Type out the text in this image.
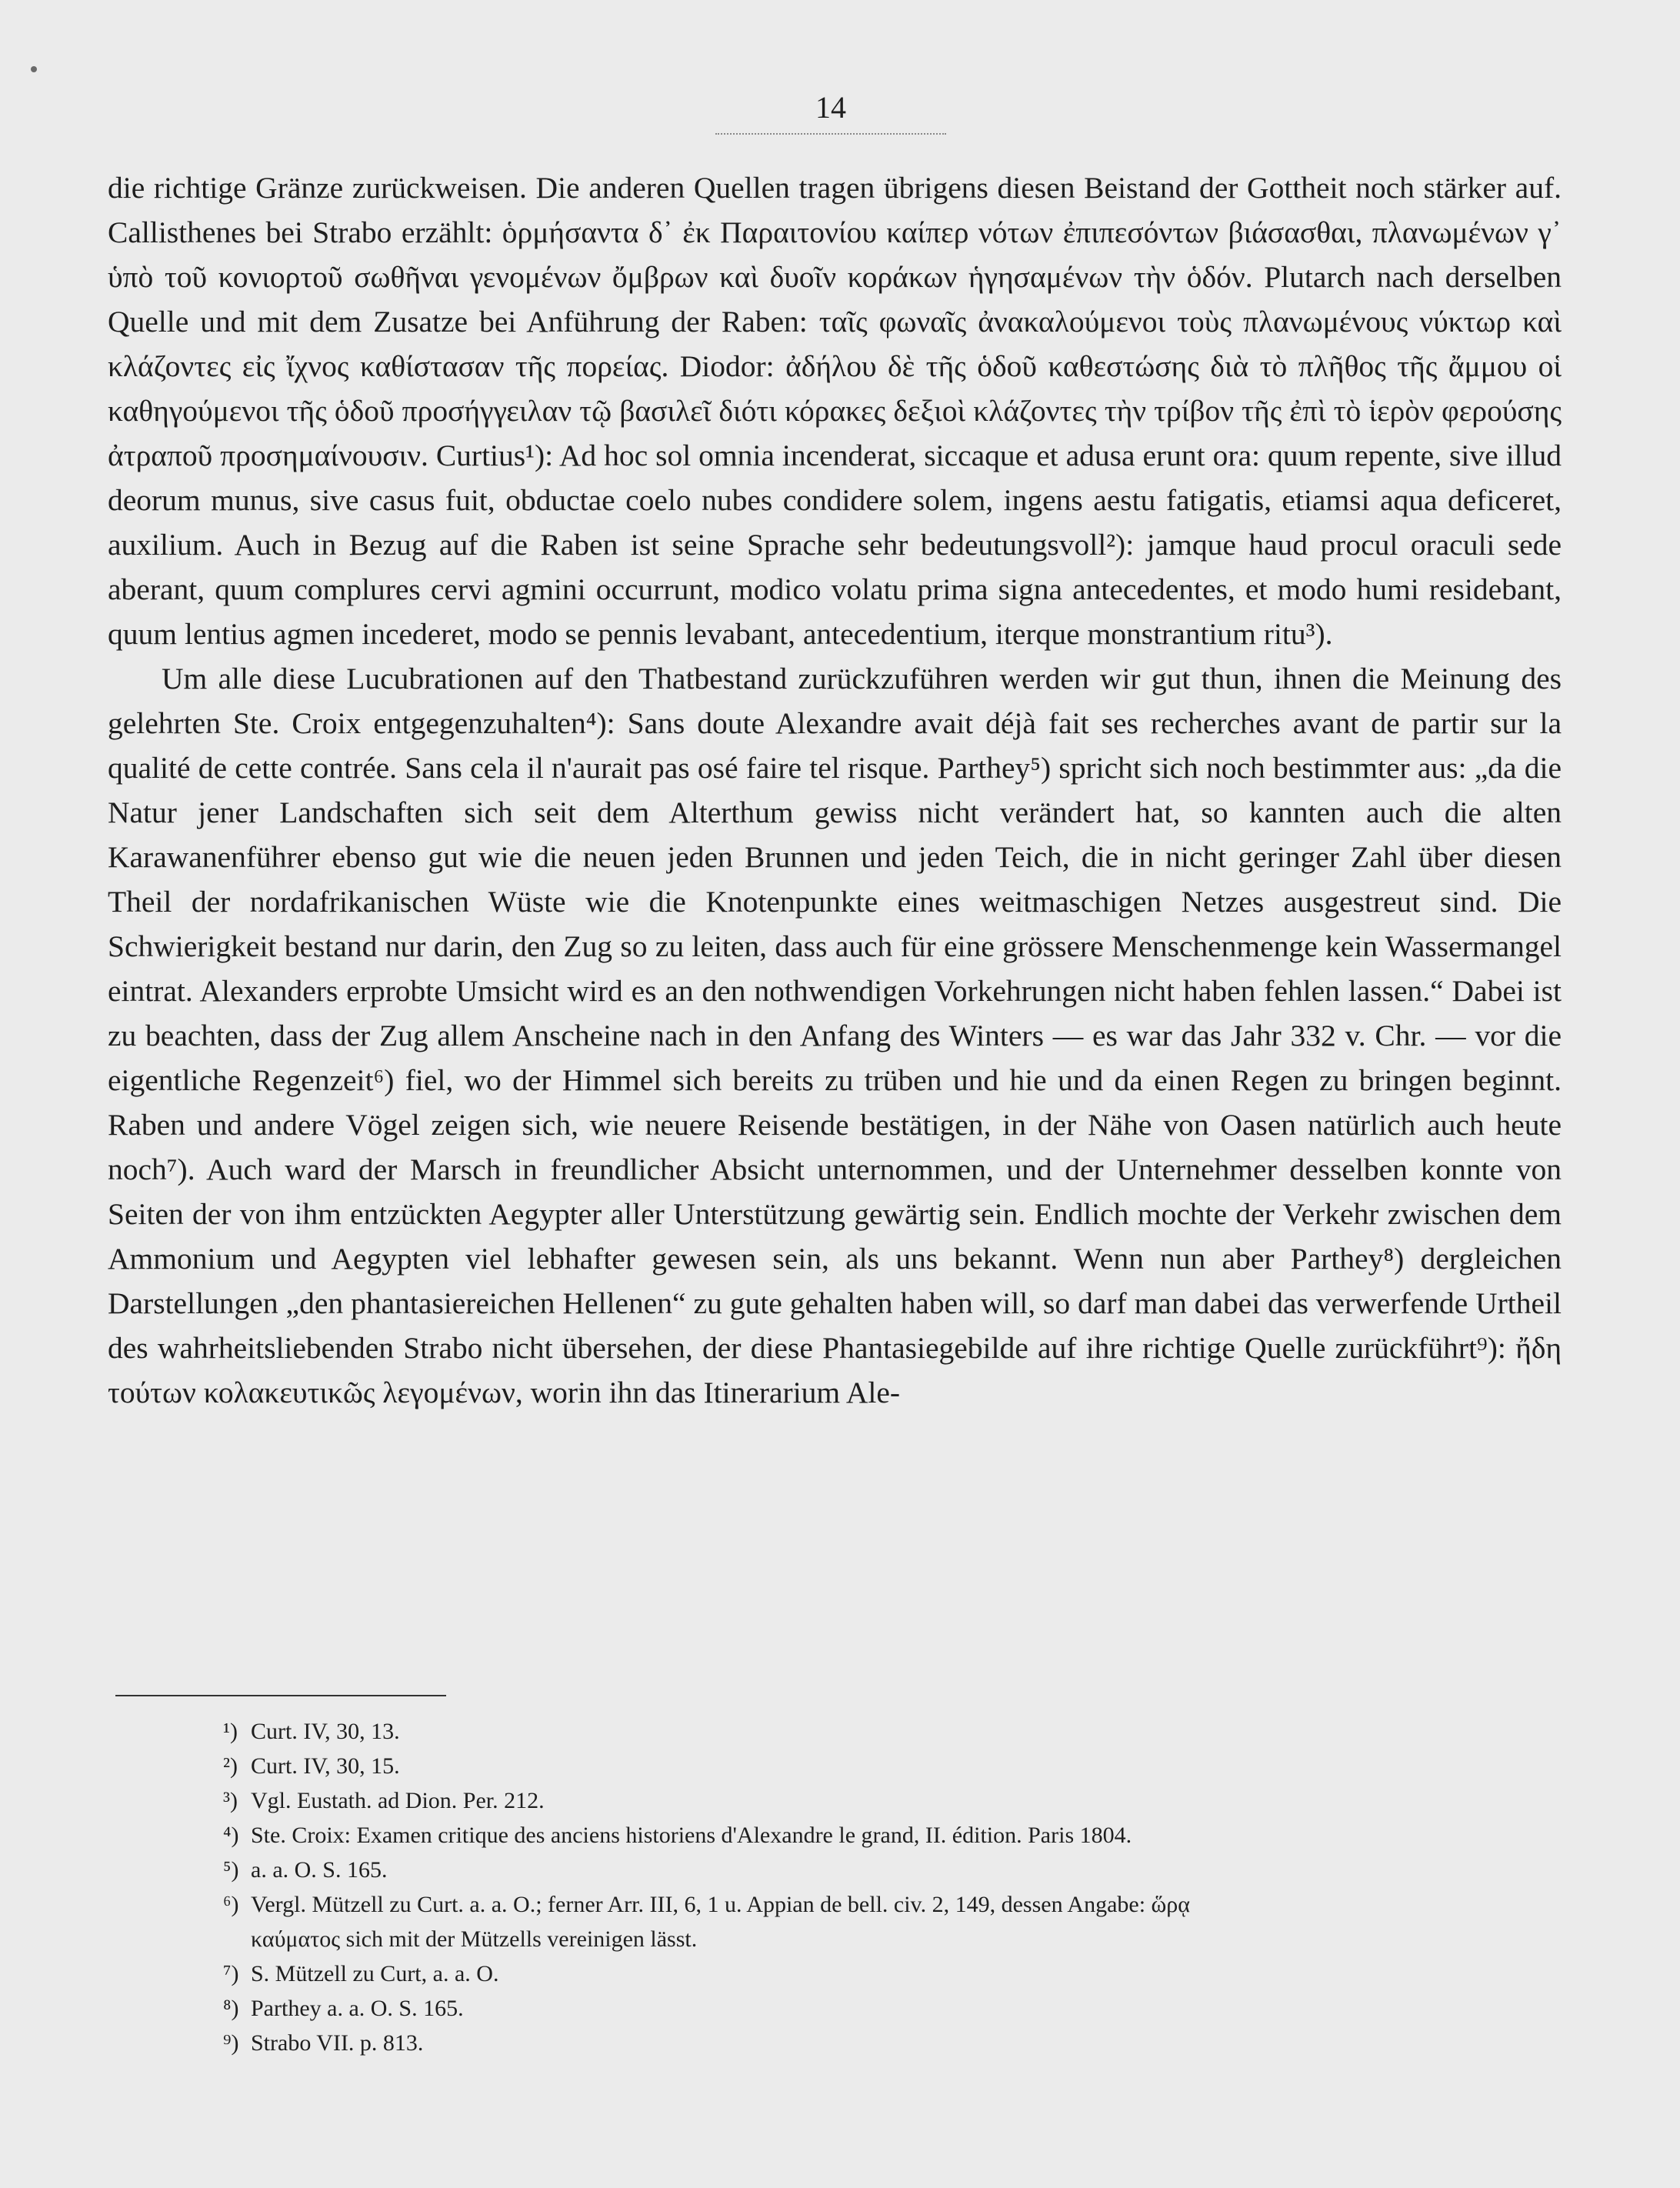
14

die richtige Gränze zurückweisen. Die anderen Quellen tragen übrigens diesen Beistand der Gottheit noch stärker auf. Callisthenes bei Strabo erzählt: ὁρμήσαντα δ᾽ ἐκ Παραιτονίου καίπερ νότων ἐπιπεσόντων βιάσασθαι, πλανωμένων γ᾽ ὑπὸ τοῦ κονιορτοῦ σωθῆναι γενομένων ὄμβρων καὶ δυοῖν κοράκων ἡγησαμένων τὴν ὁδόν. Plutarch nach derselben Quelle und mit dem Zusatze bei Anführung der Raben: ταῖς φωναῖς ἀνακαλούμενοι τοὺς πλανωμένους νύκτωρ καὶ κλάζοντες εἰς ἴχνος καθίστασαν τῆς πορείας. Diodor: ἀδήλου δὲ τῆς ὁδοῦ καθεστώσης διὰ τὸ πλῆθος τῆς ἄμμου οἱ καθηγούμενοι τῆς ὁδοῦ προσήγγειλαν τῷ βασιλεῖ διότι κόρακες δεξιοὶ κλάζοντες τὴν τρίβον τῆς ἐπὶ τὸ ἱερὸν φερούσης ἀτραποῦ προσημαίνουσιν. Curtius¹): Ad hoc sol omnia incenderat, siccaque et adusa erunt ora: quum repente, sive illud deorum munus, sive casus fuit, obductae coelo nubes condidere solem, ingens aestu fatigatis, etiamsi aqua deficeret, auxilium. Auch in Bezug auf die Raben ist seine Sprache sehr bedeutungsvoll²): jamque haud procul oraculi sede aberant, quum complures cervi agmini occurrunt, modico volatu prima signa antecedentes, et modo humi residebant, quum lentius agmen incederet, modo se pennis levabant, antecedentium, iterque monstrantium ritu³).

Um alle diese Lucubrationen auf den Thatbestand zurückzuführen werden wir gut thun, ihnen die Meinung des gelehrten Ste. Croix entgegenzuhalten⁴): Sans doute Alexandre avait déjà fait ses recherches avant de partir sur la qualité de cette contrée. Sans cela il n'aurait pas osé faire tel risque. Parthey⁵) spricht sich noch bestimmter aus: „da die Natur jener Landschaften sich seit dem Alterthum gewiss nicht verändert hat, so kannten auch die alten Karawanenführer ebenso gut wie die neuen jeden Brunnen und jeden Teich, die in nicht geringer Zahl über diesen Theil der nordafrikanischen Wüste wie die Knotenpunkte eines weitmaschigen Netzes ausgestreut sind. Die Schwierigkeit bestand nur darin, den Zug so zu leiten, dass auch für eine grössere Menschenmenge kein Wassermangel eintrat. Alexanders erprobte Umsicht wird es an den nothwendigen Vorkehrungen nicht haben fehlen lassen.“ Dabei ist zu beachten, dass der Zug allem Anscheine nach in den Anfang des Winters — es war das Jahr 332 v. Chr. — vor die eigentliche Regenzeit⁶) fiel, wo der Himmel sich bereits zu trüben und hie und da einen Regen zu bringen beginnt. Raben und andere Vögel zeigen sich, wie neuere Reisende bestätigen, in der Nähe von Oasen natürlich auch heute noch⁷). Auch ward der Marsch in freundlicher Absicht unternommen, und der Unternehmer desselben konnte von Seiten der von ihm entzückten Aegypter aller Unterstützung gewärtig sein. Endlich mochte der Verkehr zwischen dem Ammonium und Aegypten viel lebhafter gewesen sein, als uns bekannt. Wenn nun aber Parthey⁸) dergleichen Darstellungen „den phantasiereichen Hellenen“ zu gute gehalten haben will, so darf man dabei das verwerfende Urtheil des wahrheitsliebenden Strabo nicht übersehen, der diese Phantasiegebilde auf ihre richtige Quelle zurückführt⁹): ἤδη τούτων κολακευτικῶς λεγομένων, worin ihn das Itinerarium Ale-

¹) Curt. IV, 30, 13.
²) Curt. IV, 30, 15.
³) Vgl. Eustath. ad Dion. Per. 212.
⁴) Ste. Croix: Examen critique des anciens historiens d'Alexandre le grand, II. édition. Paris 1804.
⁵) a. a. O. S. 165.
⁶) Vergl. Mützell zu Curt. a. a. O.; ferner Arr. III, 6, 1 u. Appian de bell. civ. 2, 149, dessen Angabe: ὥρᾳ
καύματος sich mit der Mützells vereinigen lässt.
⁷) S. Mützell zu Curt, a. a. O.
⁸) Parthey a. a. O. S. 165.
⁹) Strabo VII. p. 813.
